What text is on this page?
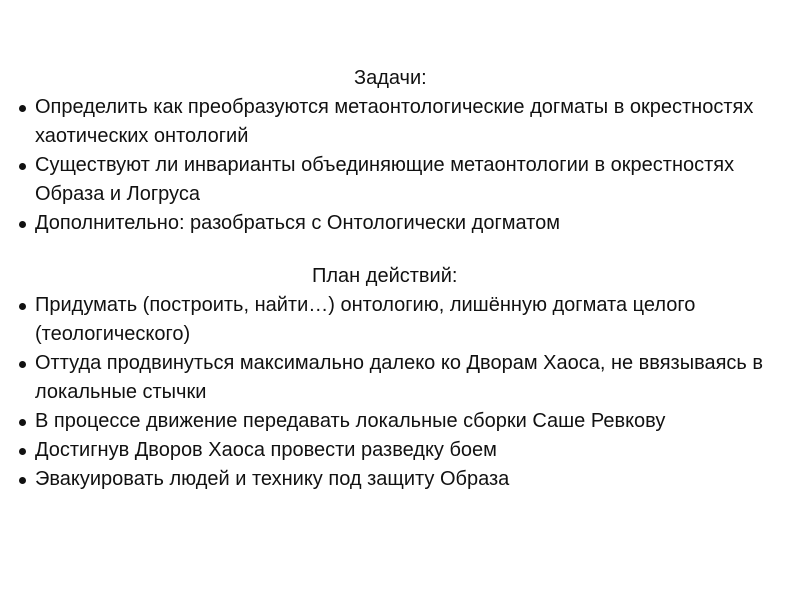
Задачи:
Определить как преобразуются метаонтологические догматы в окрестностях хаотических онтологий
Существуют ли инварианты объединяющие метаонтологии в окрестностях Образа и Логруса
Дополнительно: разобраться с Онтологически догматом
План действий:
Придумать (построить, найти…) онтологию, лишённую догмата целого (теологического)
Оттуда продвинуться максимально далеко ко Дворам Хаоса, не ввязываясь в локальные стычки
В процессе движение передавать локальные сборки Саше Ревкову
Достигнув Дворов Хаоса провести разведку боем
Эвакуировать людей и технику под защиту Образа
